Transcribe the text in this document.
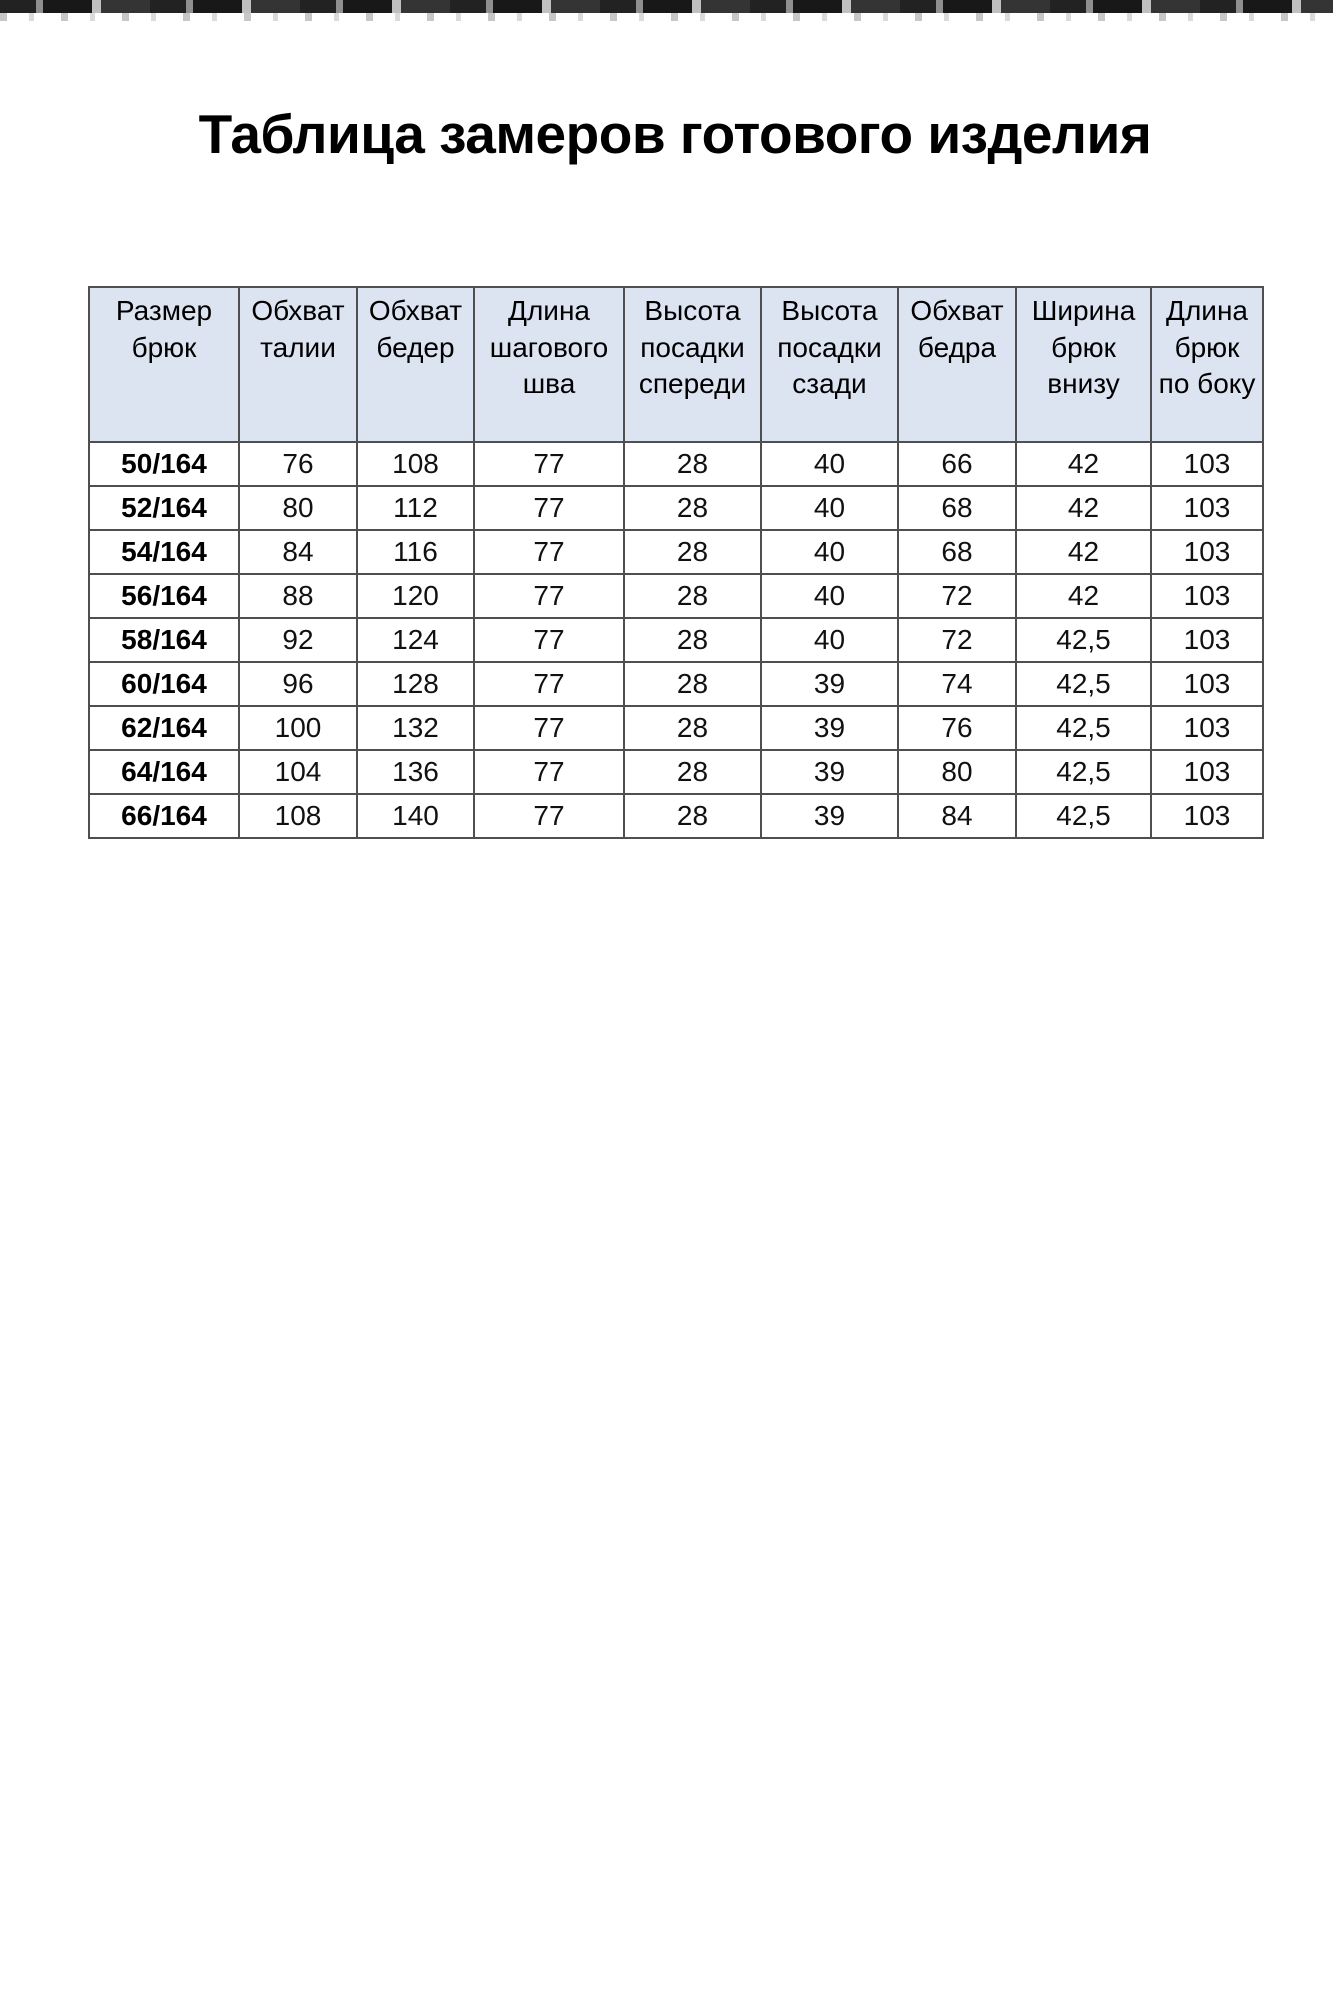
Таблица замеров готового изделия
Размер брюк	Обхват талии	Обхват бедер	Длина шагового шва	Высота посадки спереди	Высота посадки сзади	Обхват бедра	Ширина брюк внизу	Длина брюк по боку
50/164	76	108	77	28	40	66	42	103
52/164	80	112	77	28	40	68	42	103
54/164	84	116	77	28	40	68	42	103
56/164	88	120	77	28	40	72	42	103
58/164	92	124	77	28	40	72	42,5	103
60/164	96	128	77	28	39	74	42,5	103
62/164	100	132	77	28	39	76	42,5	103
64/164	104	136	77	28	39	80	42,5	103
66/164	108	140	77	28	39	84	42,5	103
